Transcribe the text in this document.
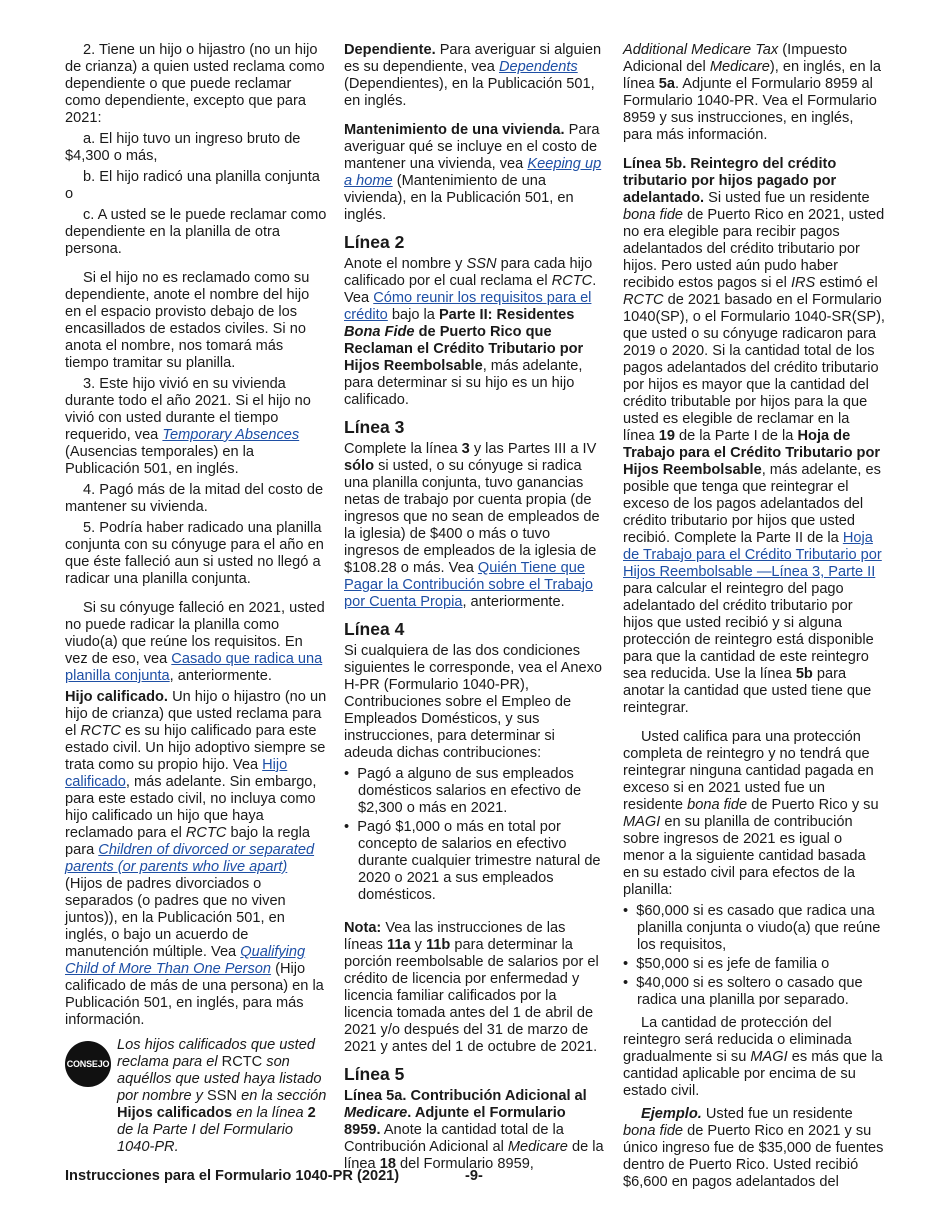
2. Tiene un hijo o hijastro (no un hijo de crianza) a quien usted reclama como dependiente o que puede reclamar como dependiente, excepto que para 2021:

a. El hijo tuvo un ingreso bruto de $4,300 o más,

b. El hijo radicó una planilla conjunta o

c. A usted se le puede reclamar como dependiente en la planilla de otra persona.

Si el hijo no es reclamado como su dependiente, anote el nombre del hijo en el espacio provisto debajo de los encasillados de estados civiles. Si no anota el nombre, nos tomará más tiempo tramitar su planilla.

3. Este hijo vivió en su vivienda durante todo el año 2021. Si el hijo no vivió con usted durante el tiempo requerido, vea Temporary Absences (Ausencias temporales) en la Publicación 501, en inglés.

4. Pagó más de la mitad del costo de mantener su vivienda.

5. Podría haber radicado una planilla conjunta con su cónyuge para el año en que éste falleció aun si usted no llegó a radicar una planilla conjunta.

Si su cónyuge falleció en 2021, usted no puede radicar la planilla como viudo(a) que reúne los requisitos. En vez de eso, vea Casado que radica una planilla conjunta, anteriormente.

Hijo calificado. Un hijo o hijastro (no un hijo de crianza) que usted reclama para el RCTC es su hijo calificado para este estado civil. Un hijo adoptivo siempre se trata como su propio hijo. Vea Hijo calificado, más adelante. Sin embargo, para este estado civil, no incluya como hijo calificado un hijo que haya reclamado para el RCTC bajo la regla para Children of divorced or separated parents (or parents who live apart) (Hijos de padres divorciados o separados (o padres que no viven juntos)), en la Publicación 501, en inglés, o bajo un acuerdo de manutención múltiple. Vea Qualifying Child of More Than One Person (Hijo calificado de más de una persona) en la Publicación 501, en inglés, para más información.

CONSEJO
Los hijos calificados que usted reclama para el RCTC son aquéllos que usted haya listado por nombre y SSN en la sección Hijos calificados en la línea 2 de la Parte I del Formulario 1040-PR.

Dependiente. Para averiguar si alguien es su dependiente, vea Dependents (Dependientes), en la Publicación 501, en inglés.

Mantenimiento de una vivienda. Para averiguar qué se incluye en el costo de mantener una vivienda, vea Keeping up a home (Mantenimiento de una vivienda), en la Publicación 501, en inglés.

Línea 2

Anote el nombre y SSN para cada hijo calificado por el cual reclama el RCTC. Vea Cómo reunir los requisitos para el crédito bajo la Parte II: Residentes Bona Fide de Puerto Rico que Reclaman el Crédito Tributario por Hijos Reembolsable, más adelante, para determinar si su hijo es un hijo calificado.

Línea 3

Complete la línea 3 y las Partes III a IV sólo si usted, o su cónyuge si radica una planilla conjunta, tuvo ganancias netas de trabajo por cuenta propia (de ingresos que no sean de empleados de la iglesia) de $400 o más o tuvo ingresos de empleados de la iglesia de $108.28 o más. Vea Quién Tiene que Pagar la Contribución sobre el Trabajo por Cuenta Propia, anteriormente.

Línea 4

Si cualquiera de las dos condiciones siguientes le corresponde, vea el Anexo H-PR (Formulario 1040-PR), Contribuciones sobre el Empleo de Empleados Domésticos, y sus instrucciones, para determinar si adeuda dichas contribuciones:

•  Pagó a alguno de sus empleados domésticos salarios en efectivo de $2,300 o más en 2021.

•  Pagó $1,000 o más en total por concepto de salarios en efectivo durante cualquier trimestre natural de 2020 o 2021 a sus empleados domésticos.

Nota: Vea las instrucciones de las líneas 11a y 11b para determinar la porción reembolsable de salarios por el crédito de licencia por enfermedad y licencia familiar calificados por la licencia tomada antes del 1 de abril de 2021 y/o después del 31 de marzo de 2021 y antes del 1 de octubre de 2021.

Línea 5

Línea 5a. Contribución Adicional al Medicare. Adjunte el Formulario 8959. Anote la cantidad total de la Contribución Adicional al Medicare de la línea 18 del Formulario 8959,

Additional Medicare Tax (Impuesto Adicional del Medicare), en inglés, en la línea 5a. Adjunte el Formulario 8959 al Formulario 1040-PR. Vea el Formulario 8959 y sus instrucciones, en inglés, para más información.

Línea 5b. Reintegro del crédito tributario por hijos pagado por adelantado. Si usted fue un residente bona fide de Puerto Rico en 2021, usted no era elegible para recibir pagos adelantados del crédito tributario por hijos. Pero usted aún pudo haber recibido estos pagos si el IRS estimó el RCTC de 2021 basado en el Formulario 1040(SP), o el Formulario 1040-SR(SP), que usted o su cónyuge radicaron para 2019 o 2020. Si la cantidad total de los pagos adelantados del crédito tributario por hijos es mayor que la cantidad del crédito tributable por hijos para la que usted es elegible de reclamar en la línea 19 de la Parte I de la Hoja de Trabajo para el Crédito Tributario por Hijos Reembolsable, más adelante, es posible que tenga que reintegrar el exceso de los pagos adelantados del crédito tributario por hijos que usted recibió. Complete la Parte II de la Hoja de Trabajo para el Crédito Tributario por Hijos Reembolsable —Línea 3, Parte II para calcular el reintegro del pago adelantado del crédito tributario por hijos que usted recibió y si alguna protección de reintegro está disponible para que la cantidad de este reintegro sea reducida. Use la línea 5b para anotar la cantidad que usted tiene que reintegrar.

Usted califica para una protección completa de reintegro y no tendrá que reintegrar ninguna cantidad pagada en exceso si en 2021 usted fue un residente bona fide de Puerto Rico y su MAGI en su planilla de contribución sobre ingresos de 2021 es igual o menor a la siguiente cantidad basada en su estado civil para efectos de la planilla:

•  $60,000 si es casado que radica una planilla conjunta o viudo(a) que reúne los requisitos,

•  $50,000 si es jefe de familia o

•  $40,000 si es soltero o casado que radica una planilla por separado.

La cantidad de protección del reintegro será reducida o eliminada gradualmente si su MAGI es más que la cantidad aplicable por encima de su estado civil.

Ejemplo. Usted fue un residente bona fide de Puerto Rico en 2021 y su único ingreso fue de $35,000 de fuentes dentro de Puerto Rico. Usted recibió $6,600 en pagos adelantados del

Instrucciones para el Formulario 1040-PR (2021)	-9-
